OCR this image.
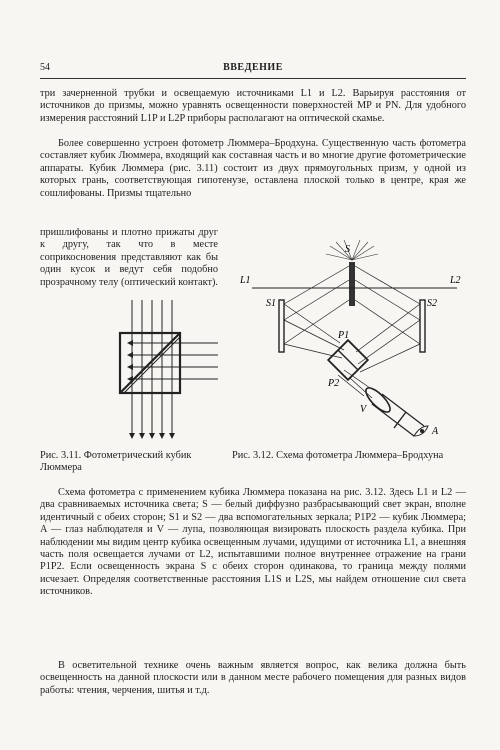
54	ВВЕДЕНИЕ

три зачерненной трубки и освещаемую источниками L1 и L2. Варьируя расстояния от источников до призмы, можно уравнять освещенности поверхностей MP и PN. Для удобного измерения расстояний L1P и L2P приборы располагают на оптической скамье.

Более совершенно устроен фотометр Люммера–Бродхуна. Существенную часть фотометра составляет кубик Люммера, входящий как составная часть и во многие другие фотометрические аппараты. Кубик Люммера (рис. 3.11) состоит из двух прямоугольных призм, у одной из которых грань, соответствующая гипотенузе, оставлена плоской только в центре, края же сошлифованы. Призмы тщательно

пришлифованы и плотно прижаты друг к другу, так что в месте соприкосновения представляют как бы один кусок и ведут себя подобно прозрачному телу (оптический контакт).

Рис. 3.11. Фотометрический кубик Люммера

S
L1	L2
S1	S2
P1
P2
V
A

Рис. 3.12. Схема фотометра Люммера–Бродхуна

Схема фотометра с применением кубика Люммера показана на рис. 3.12. Здесь L1 и L2 — два сравниваемых источника света; S — белый диффузно разбрасывающий свет экран, вполне идентичный с обеих сторон; S1 и S2 — два вспомогательных зеркала; P1P2 — кубик Люммера; A — глаз наблюдателя и V — лупа, позволяющая визировать плоскость раздела кубика. При наблюдении мы видим центр кубика освещенным лучами, идущими от источника L1, а внешняя часть поля освещается лучами от L2, испытавшими полное внутреннее отражение на грани P1P2. Если освещенность экрана S с обеих сторон одинакова, то граница между полями исчезает. Определяя соответственные расстояния L1S и L2S, мы найдем отношение сил света источников.

В осветительной технике очень важным является вопрос, как велика должна быть освещенность на данной плоскости или в данном месте рабочего помещения для разных видов работы: чтения, черчения, шитья и т.д.
